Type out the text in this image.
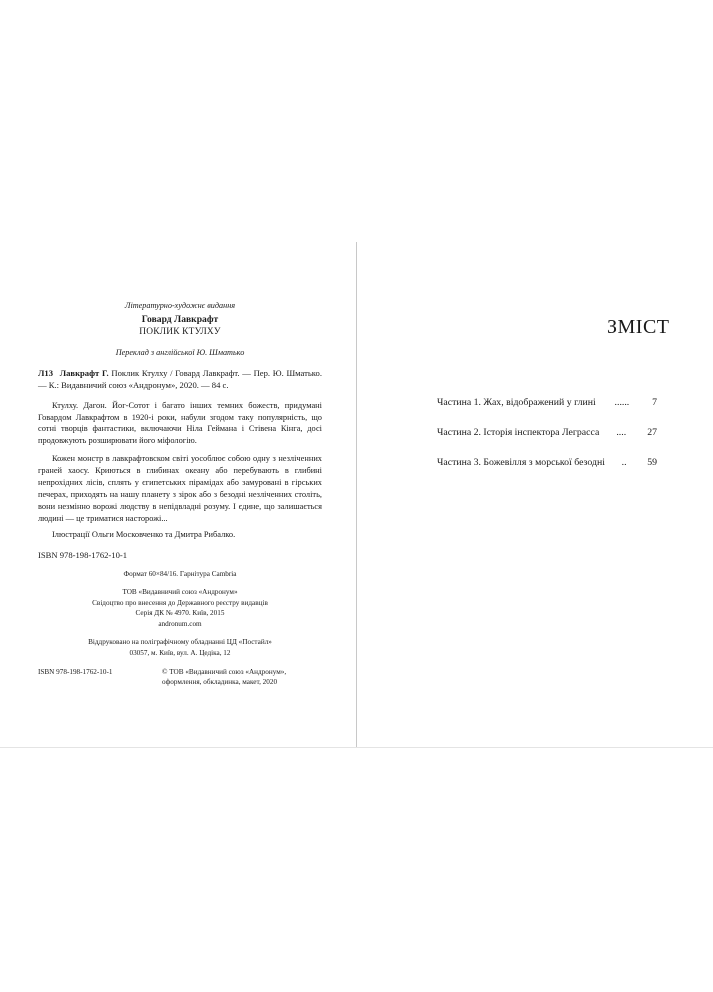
Літературно-художнє видання
Говард Лавкрафт
ПОКЛИК КТУЛХУ
Переклад з англійської Ю. Шматько
Л13 Лавкрафт Г. Поклик Ктулху / Говард Лавкрафт. — Пер. Ю. Шматько. — К.: Видавничий союз «Андронум», 2020. — 84 с.
Ктулху. Дагон. Йог-Сотот і багато інших темних божеств, придумані Говардом Лавкрафтом в 1920-і роки, набули згодом таку популярність, що сотні творців фантастики, включаючи Ніла Геймана і Стівена Кінга, досі продовжують розширювати його міфологію.
Кожен монстр в лавкрафтовском світі уособлює собою одну з незліченних граней хаосу. Криються в глибинах океану або перебувають в глибині непрохідних лісів, сплять у єгипетських пірамідах або замуровані в гірських печерах, приходять на нашу планету з зірок або з безодні незліченних століть, вони незмінно ворожі людству в непідвладні розуму. І єдине, що залишається людині — це триматися насторожі...
Ілюстрації Ольги Московченко та Дмитра Рибалко.
ISBN 978-198-1762-10-1
Формат 60×84/16. Гарнітура Cambria
ТОВ «Видавничий союз «Андронум»
Свідоцтво про внесення до Державного реєстру видавців
Серія ДК № 4970. Київ, 2015
andronum.com
Віддруковано на поліграфічному обладнанні ЦД «Постайл»
03057, м. Київ, вул. А. Цедіка, 12
ISBN 978-198-1762-10-1	© ТОВ «Видавничий союз «Андронум»,
оформлення, обкладинка, макет, 2020
ЗМІСТ
Частина 1. Жах, відображений у глині ...... 7
Частина 2. Історія інспектора Леграсса .... 27
Частина 3. Божевілля з морської безодні .. 59
